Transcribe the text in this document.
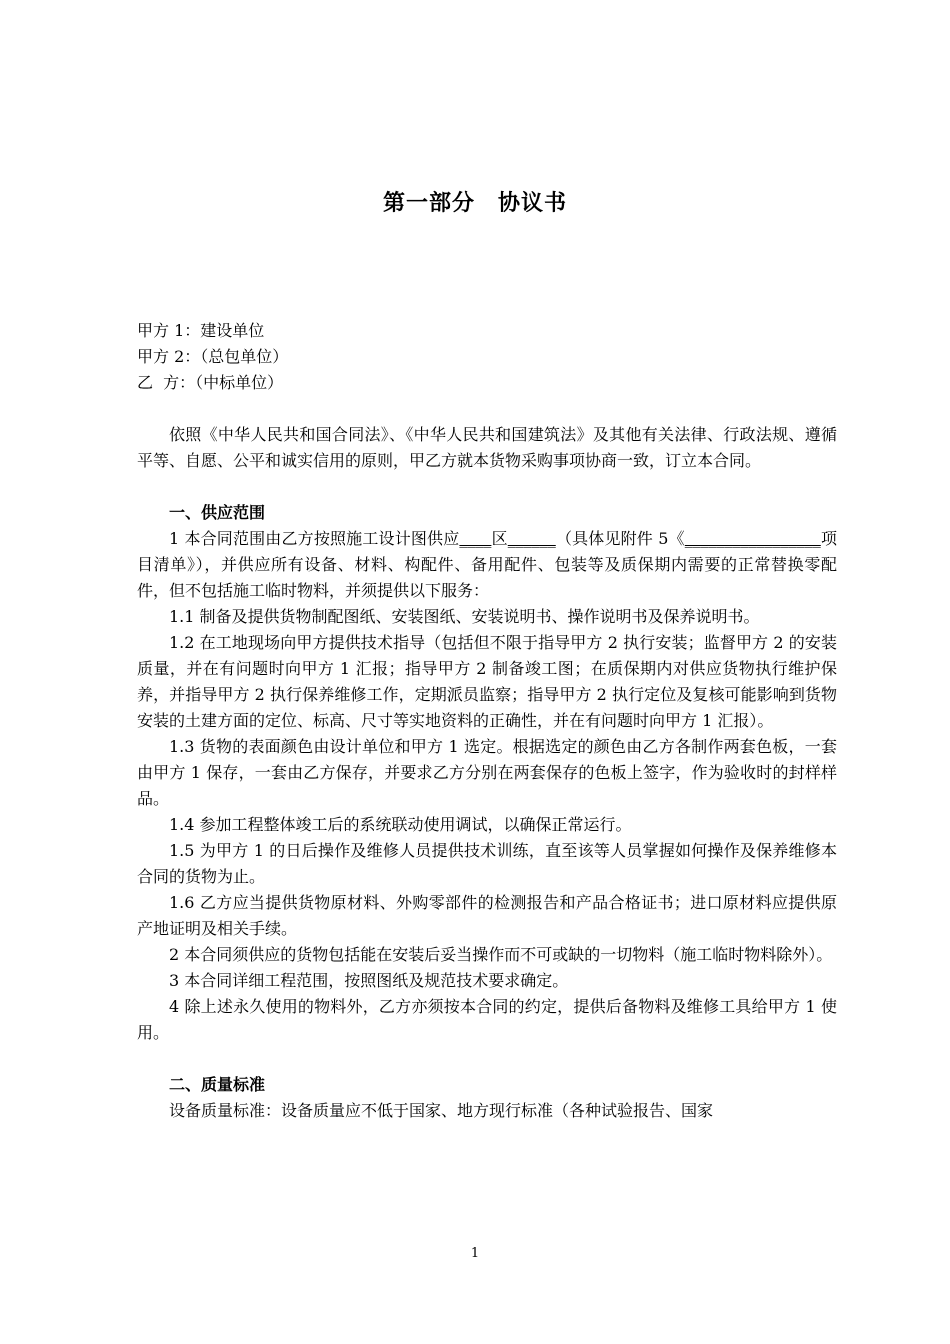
第一部分　协议书
甲方 1：建设单位
甲方 2：（总包单位）
乙  方：（中标单位）

依照《中华人民共和国合同法》、《中华人民共和国建筑法》及其他有关法律、行政法规、遵循平等、自愿、公平和诚实信用的原则，甲乙方就本货物采购事项协商一致，订立本合同。

一、供应范围

1 本合同范围由乙方按照施工设计图供应____区______（具体见附件 5《_________________项目清单》），并供应所有设备、材料、构配件、备用配件、包装等及质保期内需要的正常替换零配件，但不包括施工临时物料，并须提供以下服务：

1.1 制备及提供货物制配图纸、安装图纸、安装说明书、操作说明书及保养说明书。

1.2 在工地现场向甲方提供技术指导（包括但不限于指导甲方 2 执行安装；监督甲方 2 的安装质量，并在有问题时向甲方 1 汇报；指导甲方 2 制备竣工图；在质保期内对供应货物执行维护保养，并指导甲方 2 执行保养维修工作，定期派员监察；指导甲方 2 执行定位及复核可能影响到货物安装的土建方面的定位、标高、尺寸等实地资料的正确性，并在有问题时向甲方 1 汇报）。

1.3 货物的表面颜色由设计单位和甲方 1 选定。根据选定的颜色由乙方各制作两套色板，一套由甲方 1 保存，一套由乙方保存，并要求乙方分别在两套保存的色板上签字，作为验收时的封样样品。

1.4 参加工程整体竣工后的系统联动使用调试，以确保正常运行。

1.5 为甲方 1 的日后操作及维修人员提供技术训练，直至该等人员掌握如何操作及保养维修本合同的货物为止。

1.6 乙方应当提供货物原材料、外购零部件的检测报告和产品合格证书；进口原材料应提供原产地证明及相关手续。

2 本合同须供应的货物包括能在安装后妥当操作而不可或缺的一切物料（施工临时物料除外）。

3 本合同详细工程范围，按照图纸及规范技术要求确定。

4 除上述永久使用的物料外，乙方亦须按本合同的约定，提供后备物料及维修工具给甲方 1 使用。

二、质量标准

设备质量标准：设备质量应不低于国家、地方现行标准（各种试验报告、国家

1
